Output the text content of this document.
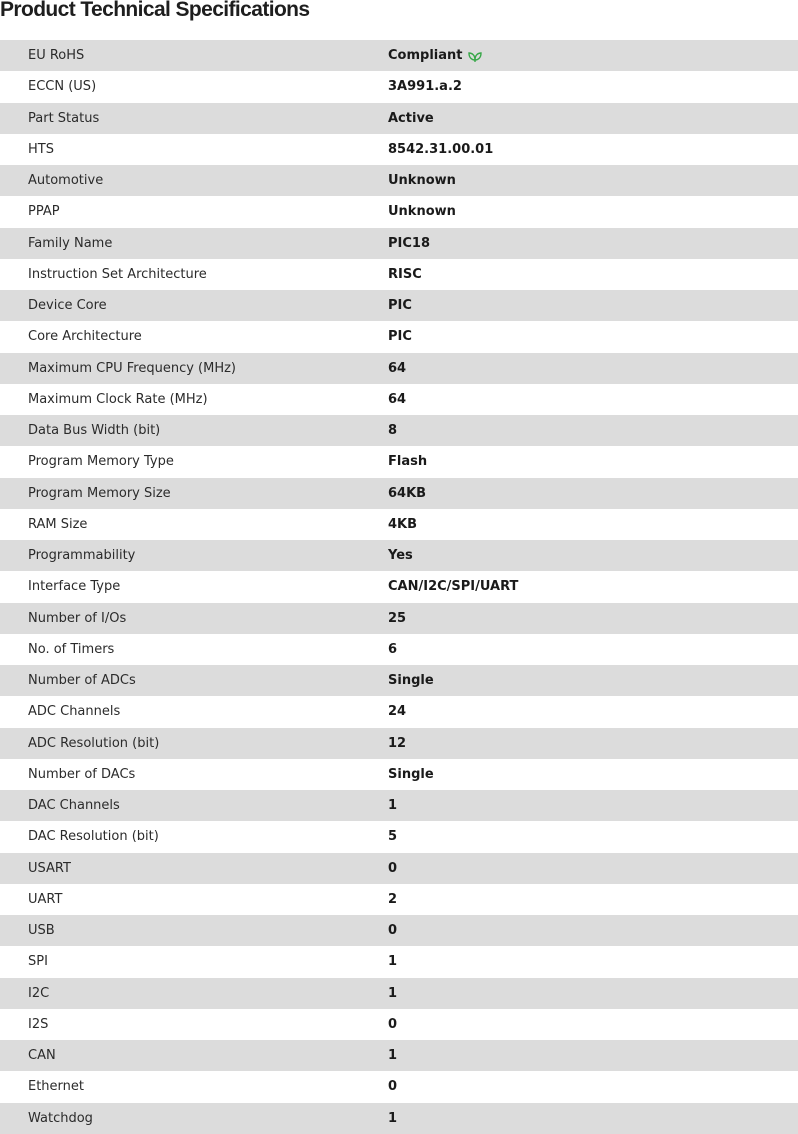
Product Technical Specifications
EU RoHS	Compliant
ECCN (US)	3A991.a.2
Part Status	Active
HTS	8542.31.00.01
Automotive	Unknown
PPAP	Unknown
Family Name	PIC18
Instruction Set Architecture	RISC
Device Core	PIC
Core Architecture	PIC
Maximum CPU Frequency (MHz)	64
Maximum Clock Rate (MHz)	64
Data Bus Width (bit)	8
Program Memory Type	Flash
Program Memory Size	64KB
RAM Size	4KB
Programmability	Yes
Interface Type	CAN/I2C/SPI/UART
Number of I/Os	25
No. of Timers	6
Number of ADCs	Single
ADC Channels	24
ADC Resolution (bit)	12
Number of DACs	Single
DAC Channels	1
DAC Resolution (bit)	5
USART	0
UART	2
USB	0
SPI	1
I2C	1
I2S	0
CAN	1
Ethernet	0
Watchdog	1
